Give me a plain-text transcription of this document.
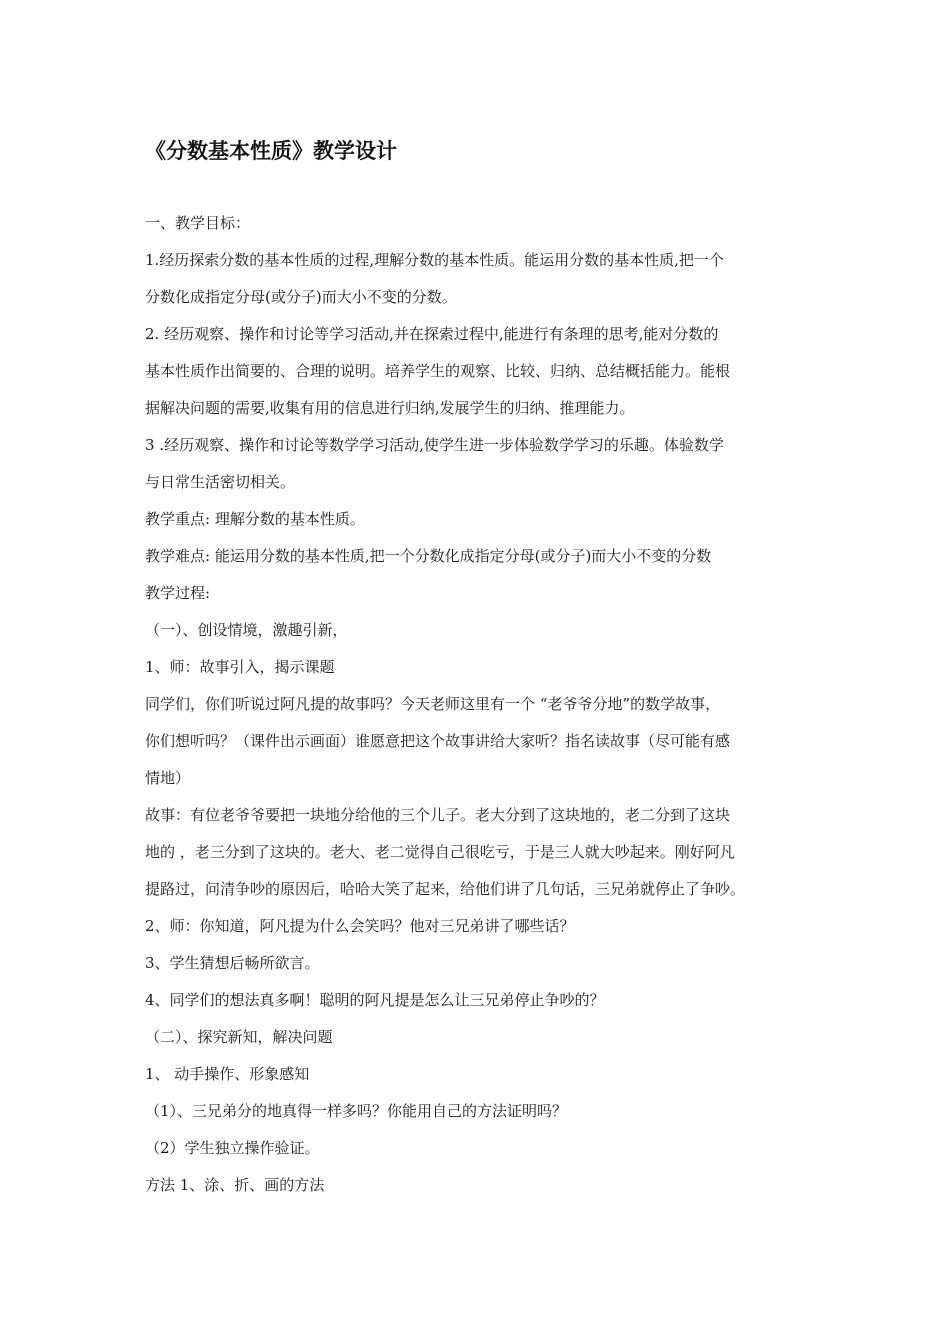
《分数基本性质》教学设计
一、教学目标：
1.经历探索分数的基本性质的过程,理解分数的基本性质。能运用分数的基本性质,把一个
分数化成指定分母(或分子)而大小不变的分数。
2. 经历观察、操作和讨论等学习活动,并在探索过程中,能进行有条理的思考,能对分数的
基本性质作出简要的、合理的说明。培养学生的观察、比较、归纳、总结概括能力。能根
据解决问题的需要,收集有用的信息进行归纳,发展学生的归纳、推理能力。
3 .经历观察、操作和讨论等数学学习活动,使学生进一步体验数学学习的乐趣。体验数学
与日常生活密切相关。
教学重点: 理解分数的基本性质。
教学难点: 能运用分数的基本性质,把一个分数化成指定分母(或分子)而大小不变的分数
教学过程:
（一）、创设情境，激趣引新，
1、师：故事引入，揭示课题
同学们，你们听说过阿凡提的故事吗？今天老师这里有一个 “老爷爷分地”的数学故事，
你们想听吗？（课件出示画面）谁愿意把这个故事讲给大家听？指名读故事（尽可能有感
情地）
故事：有位老爷爷要把一块地分给他的三个儿子。老大分到了这块地的，老二分到了这块
地的 ，老三分到了这块的。老大、老二觉得自己很吃亏，于是三人就大吵起来。刚好阿凡
提路过，问清争吵的原因后，哈哈大笑了起来，给他们讲了几句话，三兄弟就停止了争吵。
2、师：你知道，阿凡提为什么会笑吗？他对三兄弟讲了哪些话？
3、学生猜想后畅所欲言。
4、同学们的想法真多啊！聪明的阿凡提是怎么让三兄弟停止争吵的？
（二）、探究新知，解决问题
1、 动手操作、形象感知
（1）、三兄弟分的地真得一样多吗？你能用自己的方法证明吗？
（2）学生独立操作验证。
方法 1、涂、折、画的方法
